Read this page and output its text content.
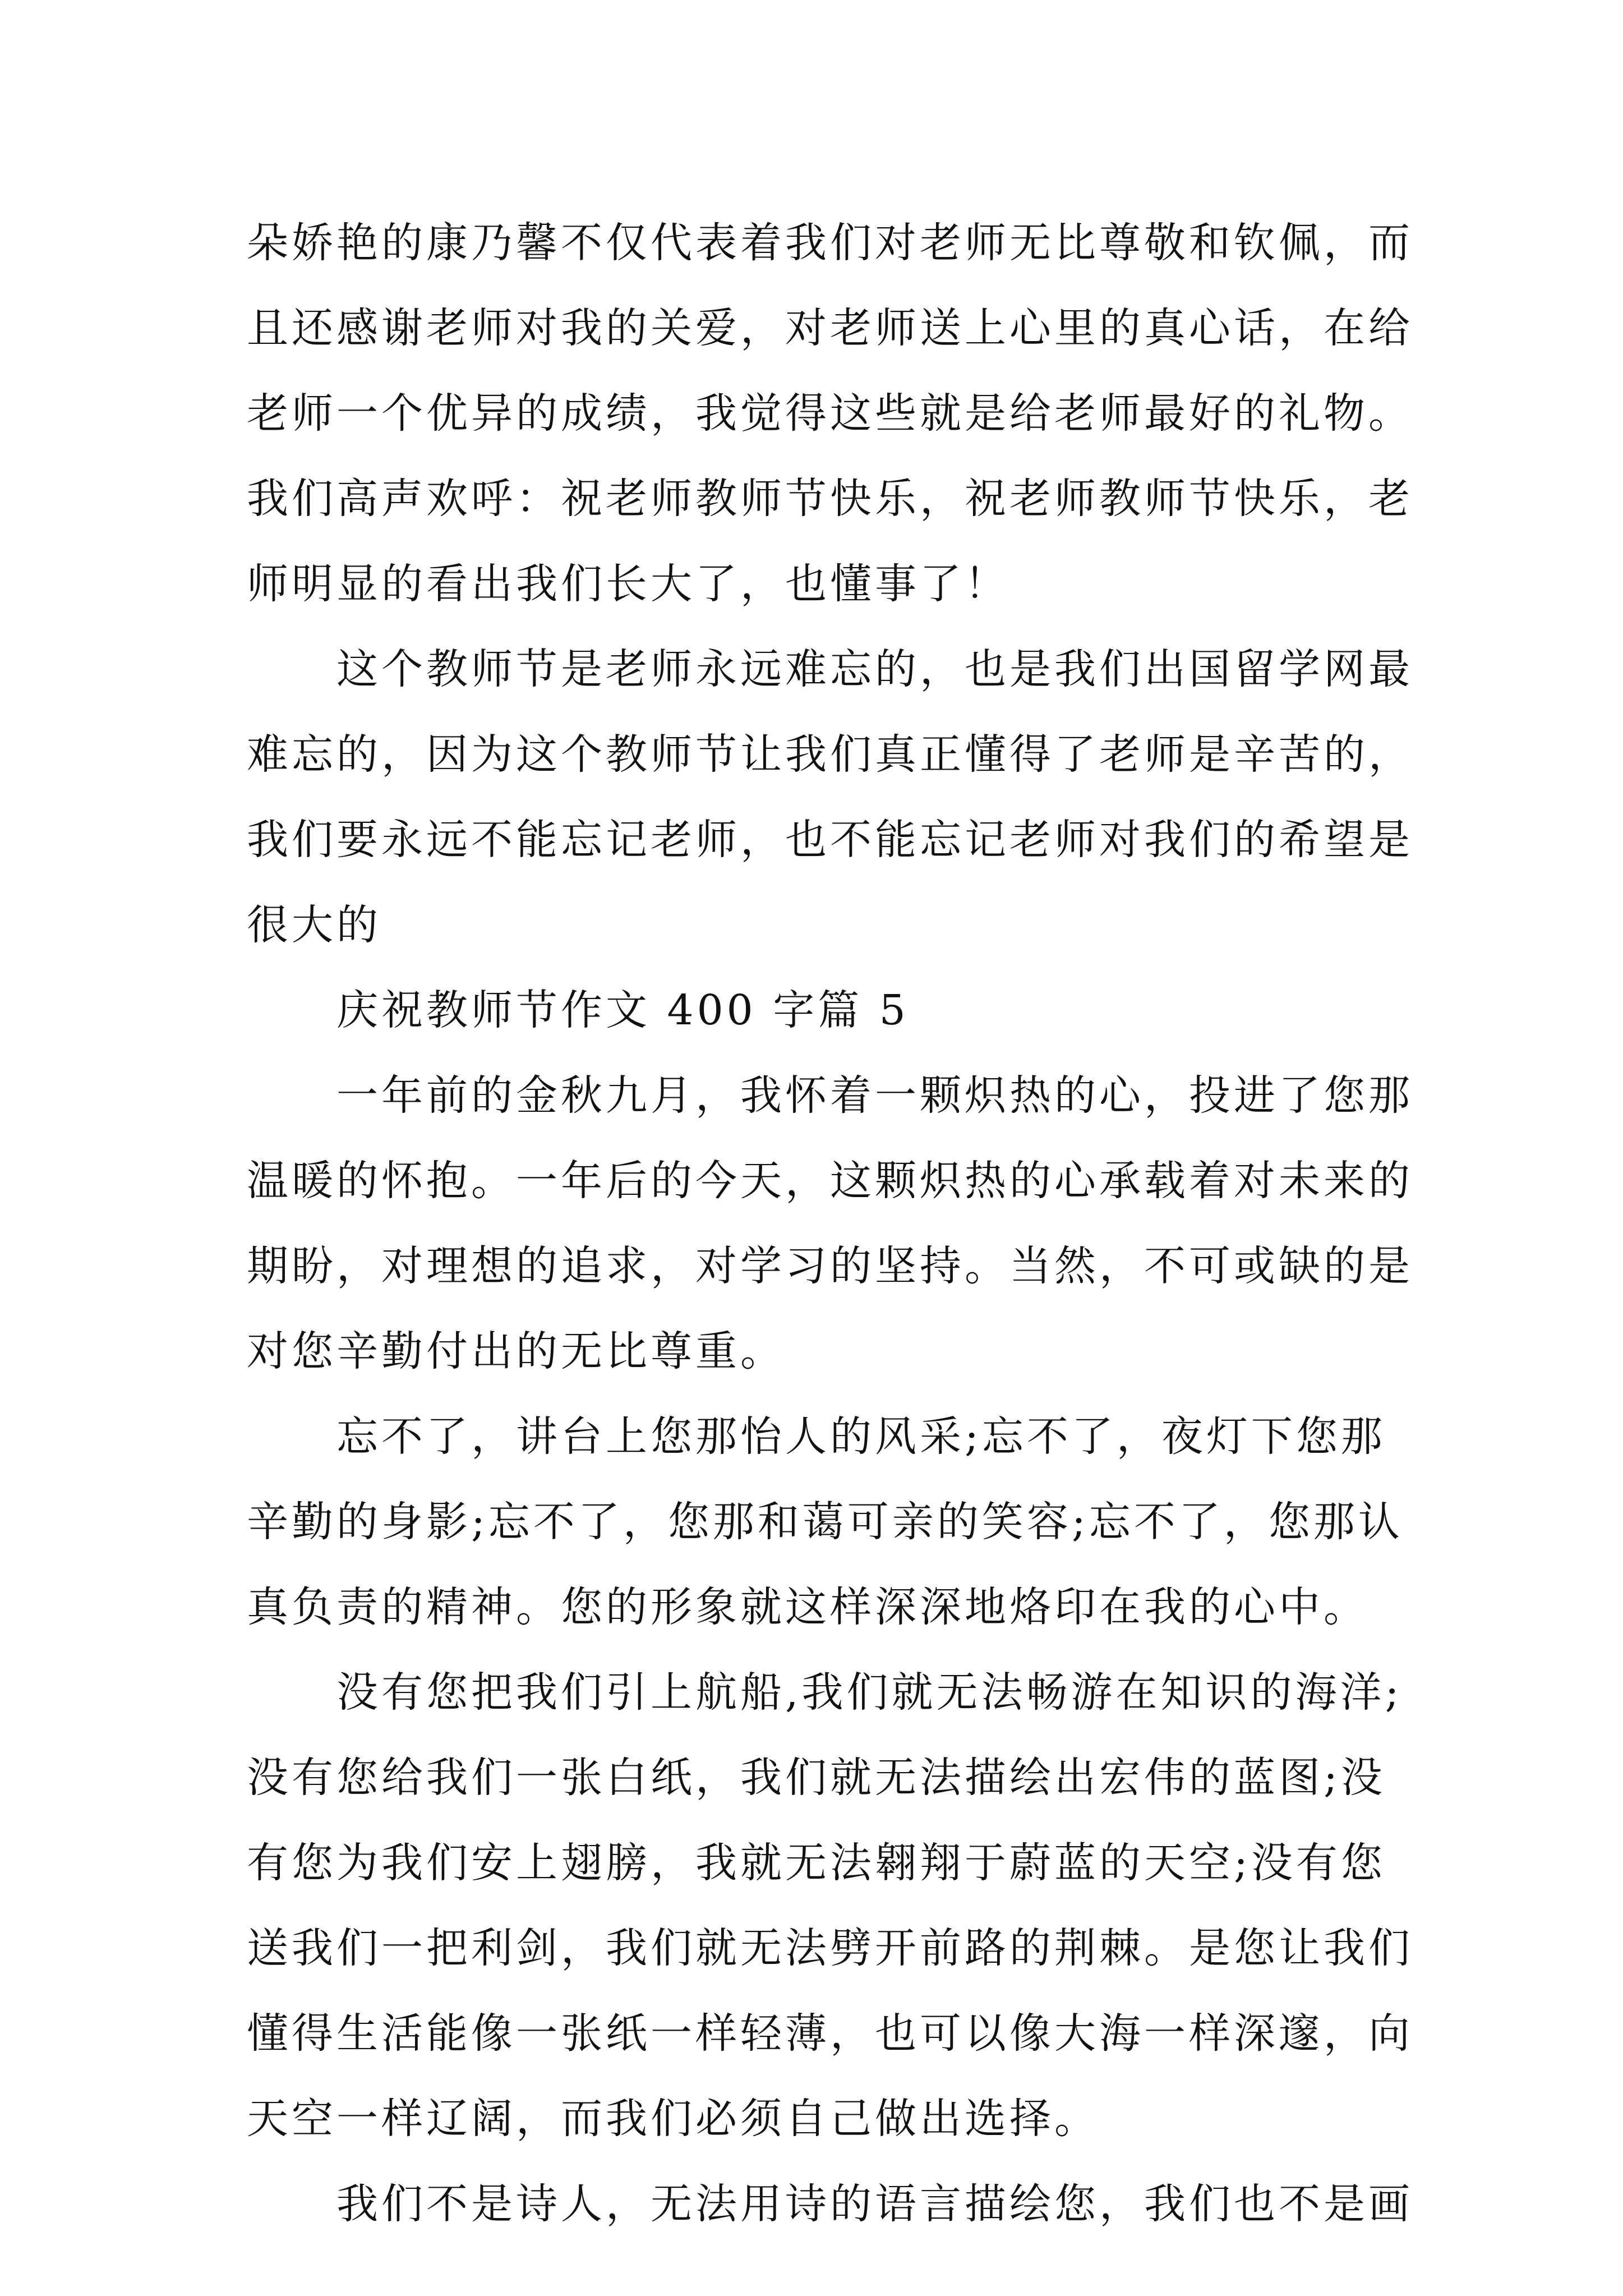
朵娇艳的康乃馨不仅代表着我们对老师无比尊敬和钦佩，而
且还感谢老师对我的关爱，对老师送上心里的真心话，在给
老师一个优异的成绩，我觉得这些就是给老师最好的礼物。
我们高声欢呼：祝老师教师节快乐，祝老师教师节快乐，老
师明显的看出我们长大了，也懂事了！
这个教师节是老师永远难忘的，也是我们出国留学网最
难忘的，因为这个教师节让我们真正懂得了老师是辛苦的，
我们要永远不能忘记老师，也不能忘记老师对我们的希望是
很大的
庆祝教师节作文 400 字篇 5
一年前的金秋九月，我怀着一颗炽热的心，投进了您那
温暖的怀抱。一年后的今天，这颗炽热的心承载着对未来的
期盼，对理想的追求，对学习的坚持。当然，不可或缺的是
对您辛勤付出的无比尊重。
忘不了，讲台上您那怡人的风采;忘不了，夜灯下您那
辛勤的身影;忘不了，您那和蔼可亲的笑容;忘不了，您那认
真负责的精神。您的形象就这样深深地烙印在我的心中。
没有您把我们引上航船,我们就无法畅游在知识的海洋;
没有您给我们一张白纸，我们就无法描绘出宏伟的蓝图;没
有您为我们安上翅膀，我就无法翱翔于蔚蓝的天空;没有您
送我们一把利剑，我们就无法劈开前路的荆棘。是您让我们
懂得生活能像一张纸一样轻薄，也可以像大海一样深邃，向
天空一样辽阔，而我们必须自己做出选择。
我们不是诗人，无法用诗的语言描绘您，我们也不是画
